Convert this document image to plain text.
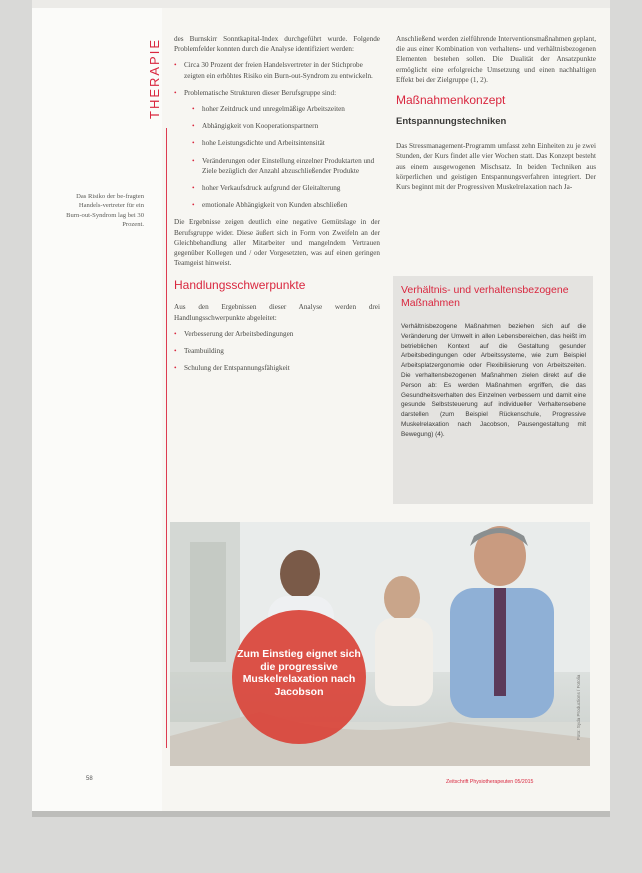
Das Risiko der be-fragten Handels-vertreter für ein Burn-out-Syndrom lag bei 30 Prozent.
THERAPIE	des Burnskirr Sonntkapital-Index durchgeführt wurde. Folgende Problemfelder konnten durch die Analyse identifiziert werden:

• Circa 30 Prozent der freien Handelsvertreter in der Stichprobe zeigten ein erhöhtes Risiko ein Burn-out-Syndrom zu entwickeln.
• Problematische Strukturen dieser Berufsgruppe sind:
• hoher Zeitdruck und unregelmäßige Arbeitszeiten
• Abhängigkeit von Kooperationspartnern
• hohe Leistungsdichte und Arbeitsintensität
• Veränderungen oder Einstellung einzelner Produktarten und Ziele bezüglich der Anzahl abzuschließender Produkte
• hoher Verkaufsdruck aufgrund der Gleitalterung
• emotionale Abhängigkeit von Kunden abschließen

Die Ergebnisse zeigen deutlich eine negative Gemütslage in der Berufsgruppe wider. Diese äußert sich in Form von Zweifeln an der Gleichbehandlung aller Mitarbeiter und mangelndem Vertrauen gegenüber Kollegen und / oder Vorgesetzten, was auf einen geringen Teamgeist hinweist.

Handlungsschwerpunkte

Aus den Ergebnissen dieser Analyse werden drei Handlungsschwerpunkte abgeleitet:

• Verbesserung der Arbeitsbedingungen
• Teambuilding
• Schulung der Entspannungsfähigkeit

Anschließend werden zielführende Interventionsmaßnahmen geplant, die aus einer Kombination von verhaltens- und verhältnisbezogenen Elementen bestehen sollen. Die Dualität der Ansatzpunkte ermöglicht eine erfolgreiche Umsetzung und einen nachhaltigen Effekt bei der Zielgruppe (1, 2).

Maßnahmenkonzept
Entspannungstechniken

Das Stressmanagement-Programm umfasst zehn Einheiten zu je zwei Stunden, der Kurs findet alle vier Wochen statt. Das Konzept besteht aus einem ausgewogenen Mischsatz. In beiden Techniken aus körperlichen und geistigen Entspannungsverfahren integriert. Der Kurs beginnt mit der Progressiven Muskelrelaxation nach Ja-

Verhältnis- und verhaltensbezogene Maßnahmen
Verhältnisbezogene Maßnahmen beziehen sich auf die Veränderung der Umwelt in allen Lebensbereichen, das heißt im betrieblichen Kontext auf die Gestaltung gesunder Arbeitsbedingungen oder Arbeitssysteme, wie zum Beispiel Arbeitsplatzergonomie oder Flexibilisierung von Arbeitszeiten. Die verhaltensbezogenen Maßnahmen zielen direkt auf die Person ab: Es werden Maßnahmen ergriffen, die das Gesundheitsverhalten des Einzelnen verbessern und damit eine gesunde Selbststeuerung auf individueller Verhaltensebene darstellen (zum Beispiel Rückenschule, Progressive Muskelrelaxation nach Jacobson, Pausengestaltung mit Bewegung) (4).
Zum Einstieg eignet sich die progressive Muskelrelaxation nach Jacobson	Foto: Syda Productions / Fotolia
58	Zeitschrift Physiotherapeuten 05/2015
